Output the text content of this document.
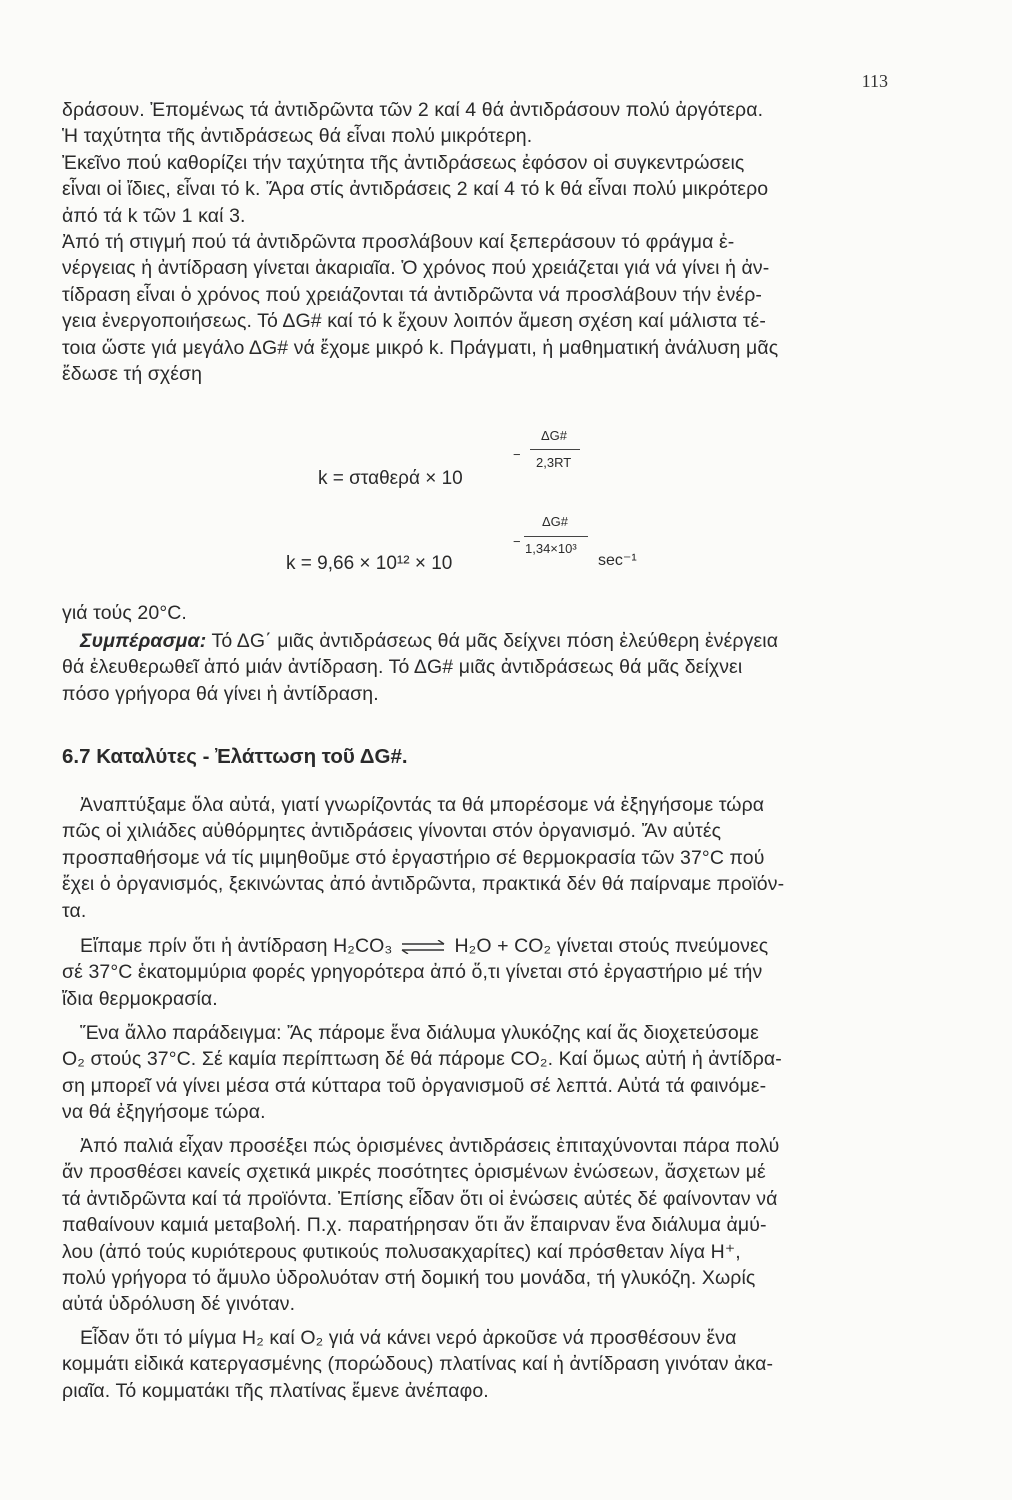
113

δράσουν. Ἐπομένως τά ἀντιδρῶντα τῶν 2 καί 4 θά ἀντιδράσουν πολύ ἀργότερα.

Ἡ ταχύτητα τῆς ἀντιδράσεως θά εἶναι πολύ μικρότερη.

Ἐκεῖνο πού καθορίζει τήν ταχύτητα τῆς ἀντιδράσεως ἐφόσον οἱ συγκεντρώσεις

εἶναι οἱ ἴδιες, εἶναι τό k. Ἄρα στίς ἀντιδράσεις 2 καί 4 τό k θά εἶναι πολύ μικρότερο

ἀπό τά k τῶν 1 καί 3.

Ἀπό τή στιγμή πού τά ἀντιδρῶντα προσλάβουν καί ξεπεράσουν τό φράγμα ἐ-

νέργειας ἡ ἀντίδραση γίνεται ἀκαριαῖα. Ὁ χρόνος πού χρειάζεται γιά νά γίνει ἡ ἀν-

τίδραση εἶναι ὁ χρόνος πού χρειάζονται τά ἀντιδρῶντα νά προσλάβουν τήν ἐνέρ-

γεια ἐνεργοποιήσεως. Τό ΔG# καί τό k ἔχουν λοιπόν ἄμεση σχέση καί μάλιστα τέ-

τοια ὥστε γιά μεγάλο ΔG# νά ἔχομε μικρό k. Πράγματι, ἡ μαθηματική ἀνάλυση μᾶς

ἔδωσε τή σχέση

k = σταθερά × 10
−
ΔG#
2,3RT
k = 9,66 × 10¹² × 10
−
ΔG#
1,34×10³
sec⁻¹
γιά τούς 20°C.

Συμπέρασμα: Τό ΔG΄ μιᾶς ἀντιδράσεως θά μᾶς δείχνει πόση ἐλεύθερη ἐνέργεια

θά ἐλευθερωθεῖ ἀπό μιάν ἀντίδραση. Τό ΔG# μιᾶς ἀντιδράσεως θά μᾶς δείχνει

πόσο γρήγορα θά γίνει ἡ ἀντίδραση.

6.7 Καταλύτες - Ἐλάττωση τοῦ ΔG#.

Ἀναπτύξαμε ὅλα αὐτά, γιατί γνωρίζοντάς τα θά μπορέσομε νά ἐξηγήσομε τώρα

πῶς οἱ χιλιάδες αὐθόρμητες ἀντιδράσεις γίνονται στόν ὀργανισμό. Ἄν αὐτές

προσπαθήσομε νά τίς μιμηθοῦμε στό ἐργαστήριο σέ θερμοκρασία τῶν 37°C πού

ἔχει ὁ ὀργανισμός, ξεκινώντας ἀπό ἀντιδρῶντα, πρακτικά δέν θά παίρναμε προϊόν-

τα.

Εἴπαμε πρίν ὅτι ἡ ἀντίδραση H₂CO₃ ⇌ H₂O + CO₂ γίνεται στούς πνεύμονες

σέ 37°C ἑκατομμύρια φορές γρηγορότερα ἀπό ὅ,τι γίνεται στό ἐργαστήριο μέ τήν

ἴδια θερμοκρασία.

Ἕνα ἄλλο παράδειγμα: Ἄς πάρομε ἕνα διάλυμα γλυκόζης καί ἄς διοχετεύσομε

O₂ στούς 37°C. Σέ καμία περίπτωση δέ θά πάρομε CO₂. Καί ὅμως αὐτή ἡ ἀντίδρα-

ση μπορεῖ νά γίνει μέσα στά κύτταρα τοῦ ὀργανισμοῦ σέ λεπτά. Αὐτά τά φαινόμε-

να θά ἐξηγήσομε τώρα.

Ἀπό παλιά εἶχαν προσέξει πώς ὁρισμένες ἀντιδράσεις ἐπιταχύνονται πάρα πολύ

ἄν προσθέσει κανείς σχετικά μικρές ποσότητες ὁρισμένων ἐνώσεων, ἄσχετων μέ

τά ἀντιδρῶντα καί τά προϊόντα. Ἐπίσης εἶδαν ὅτι οἱ ἐνώσεις αὐτές δέ φαίνονταν νά

παθαίνουν καμιά μεταβολή. Π.χ. παρατήρησαν ὅτι ἄν ἔπαιρναν ἕνα διάλυμα ἀμύ-

λου (ἀπό τούς κυριότερους φυτικούς πολυσακχαρίτες) καί πρόσθεταν λίγα H⁺,

πολύ γρήγορα τό ἄμυλο ὑδρολυόταν στή δομική του μονάδα, τή γλυκόζη. Χωρίς

αὐτά ὑδρόλυση δέ γινόταν.

Εἶδαν ὅτι τό μίγμα H₂ καί O₂ γιά νά κάνει νερό ἀρκοῦσε νά προσθέσουν ἕνα

κομμάτι εἰδικά κατεργασμένης (πορώδους) πλατίνας καί ἡ ἀντίδραση γινόταν ἀκα-

ριαῖα. Τό κομματάκι τῆς πλατίνας ἔμενε ἀνέπαφο.
